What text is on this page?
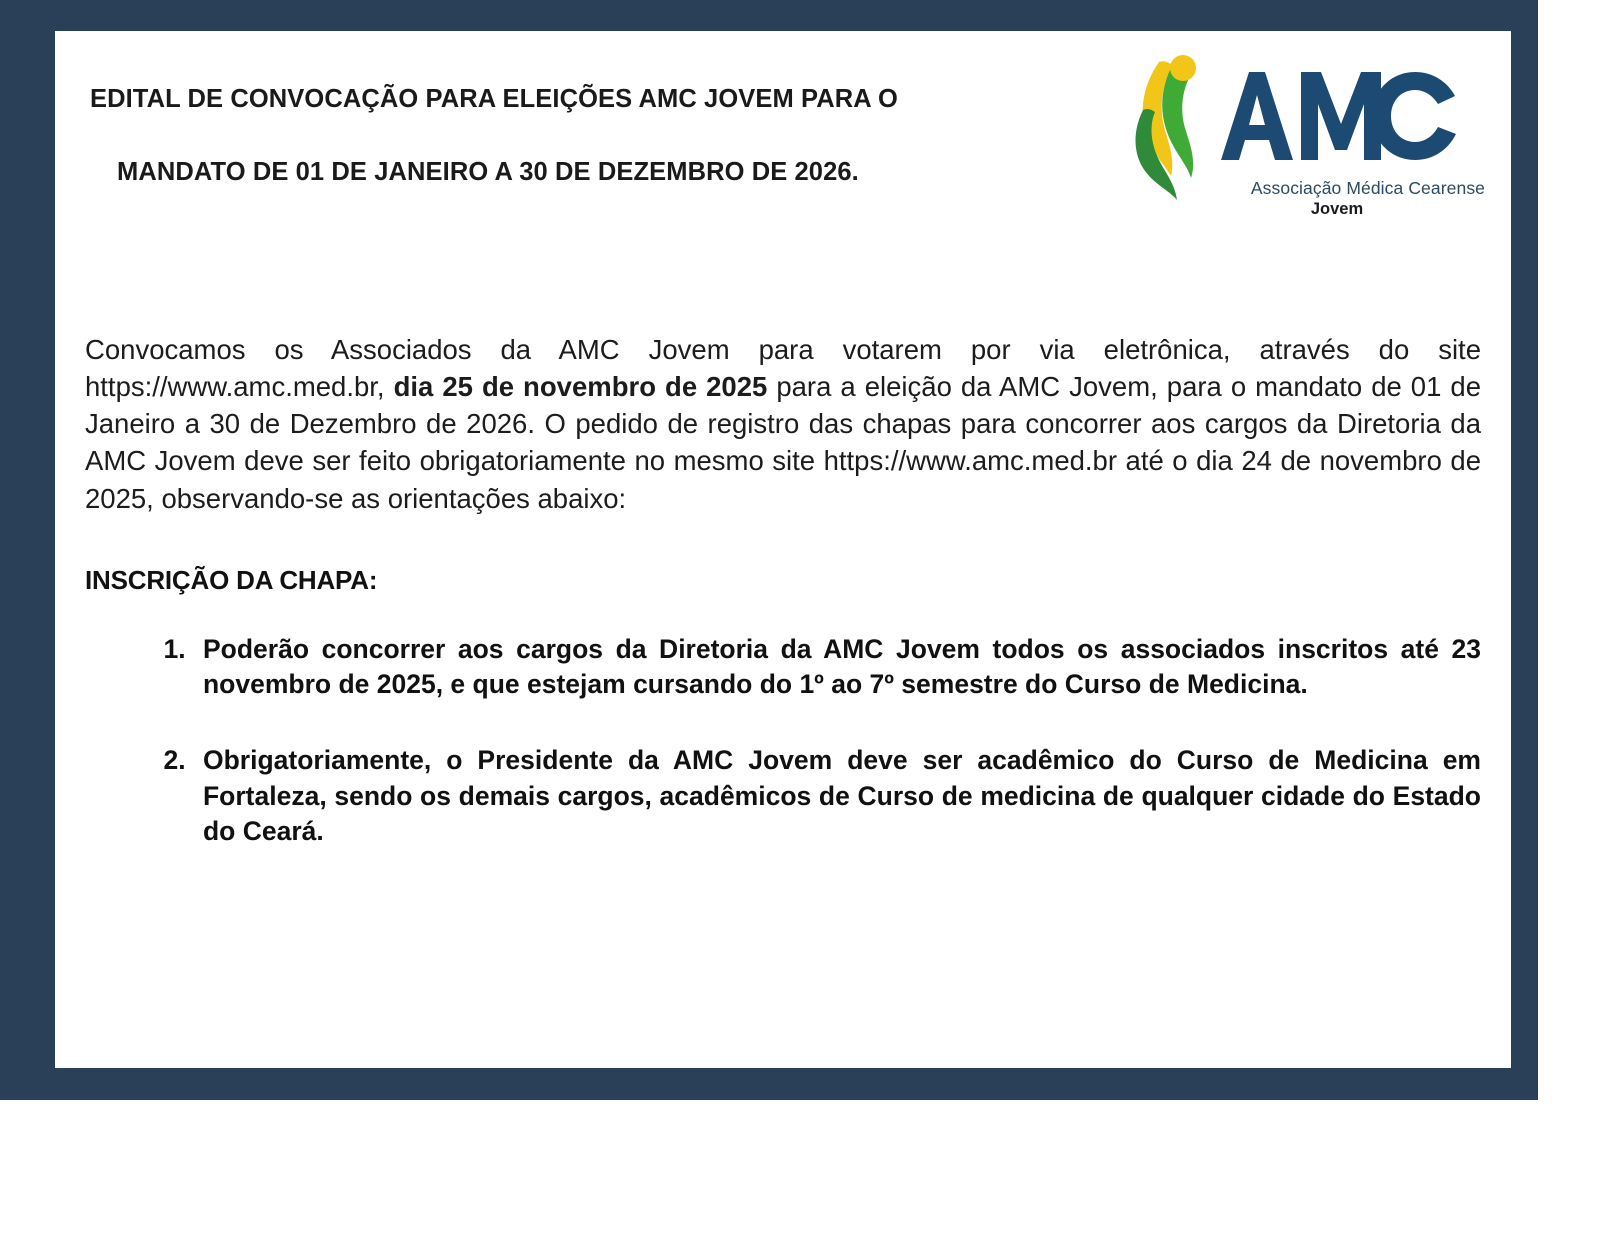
EDITAL DE CONVOCAÇÃO PARA ELEIÇÕES AMC JOVEM PARA O
MANDATO DE 01 DE JANEIRO A 30 DE DEZEMBRO DE 2026.
Associação Médica Cearense
Jovem

Convocamos os Associados da AMC Jovem para votarem por via eletrônica, através do site https://www.amc.med.br, dia 25 de novembro de 2025 para a eleição da AMC Jovem, para o mandato de 01 de Janeiro a 30 de Dezembro de 2026. O pedido de registro das chapas para concorrer aos cargos da Diretoria da AMC Jovem deve ser feito obrigatoriamente no mesmo site https://www.amc.med.br até o dia 24 de novembro de 2025, observando-se as orientações abaixo:

INSCRIÇÃO DA CHAPA:
1. Poderão concorrer aos cargos da Diretoria da AMC Jovem todos os associados inscritos até 23 novembro de 2025, e que estejam cursando do 1º ao 7º semestre do Curso de Medicina.
2. Obrigatoriamente, o Presidente da AMC Jovem deve ser acadêmico do Curso de Medicina em Fortaleza, sendo os demais cargos, acadêmicos de Curso de medicina de qualquer cidade do Estado do Ceará.
